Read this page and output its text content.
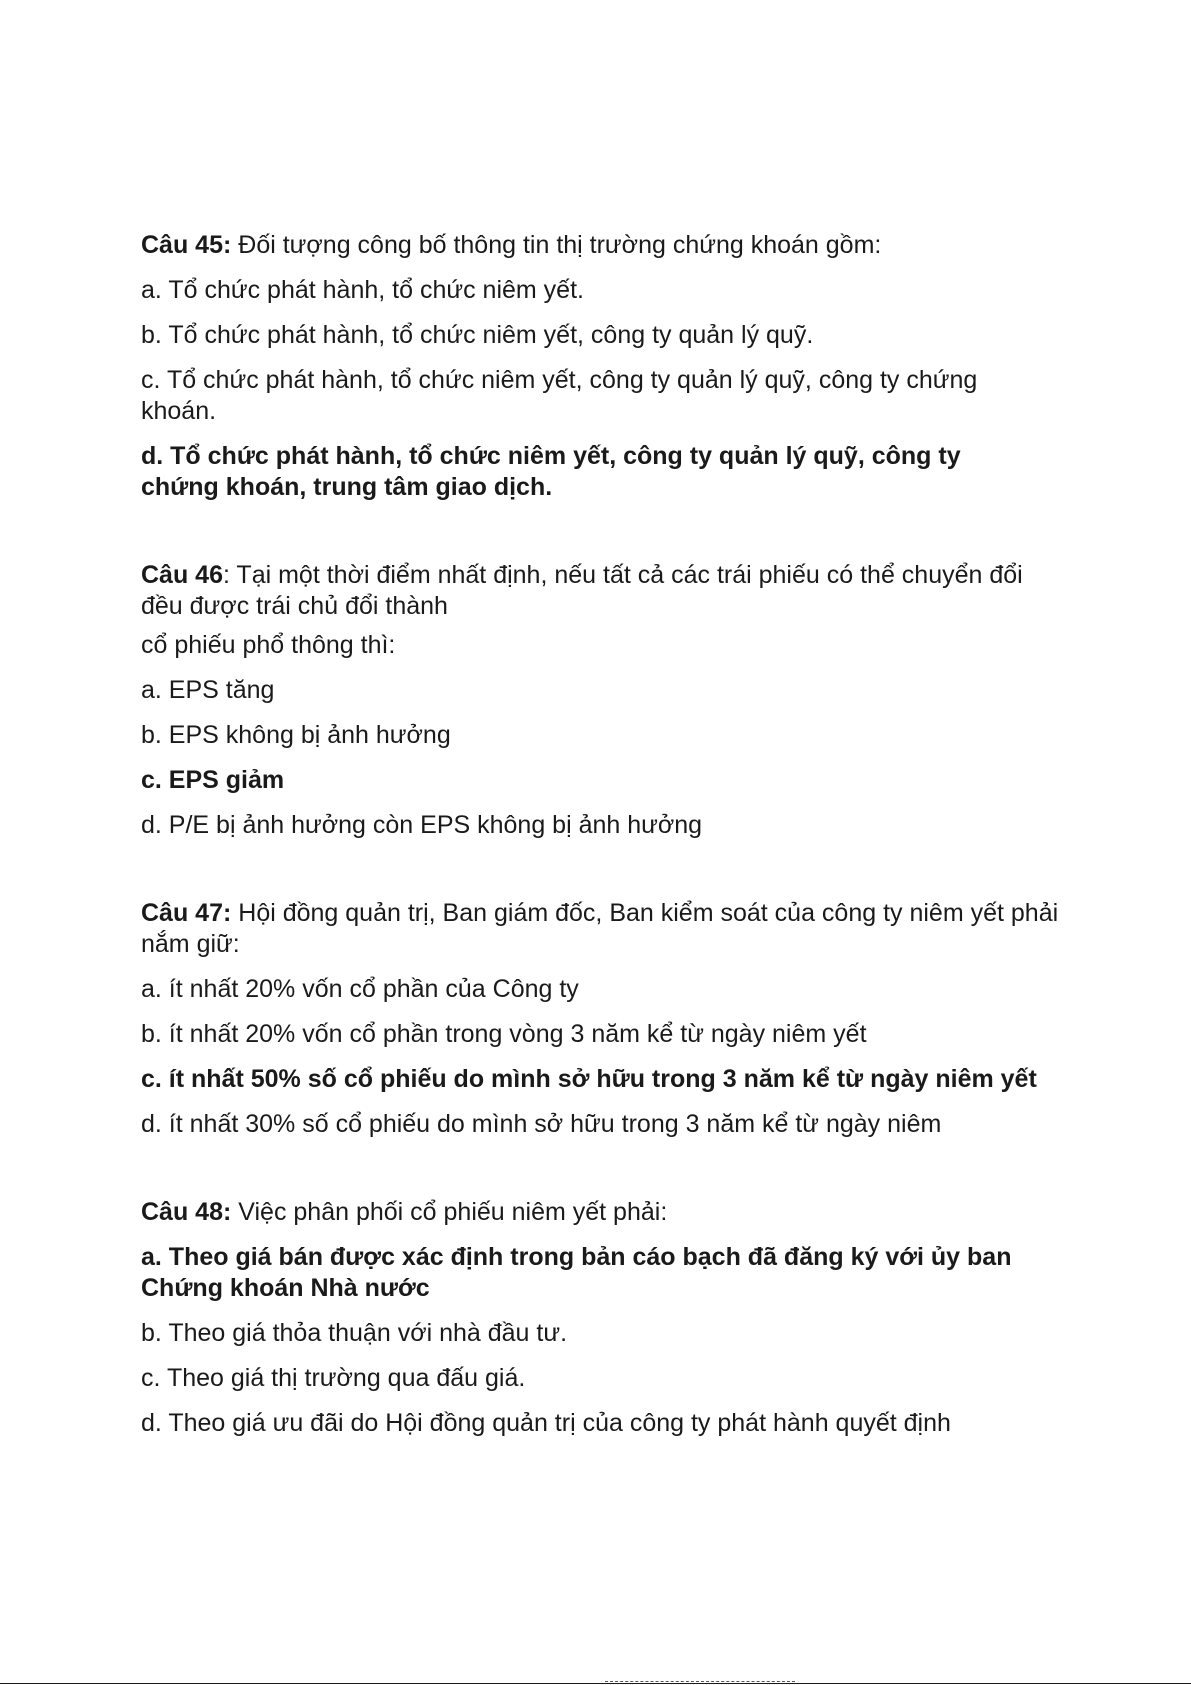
Câu 45: Đối tượng công bố thông tin thị trường chứng khoán gồm:
a. Tổ chức phát hành, tổ chức niêm yết.
b. Tổ chức phát hành, tổ chức niêm yết, công ty quản lý quỹ.
c. Tổ chức phát hành, tổ chức niêm yết, công ty quản lý quỹ, công ty chứng khoán.
d. Tổ chức phát hành, tổ chức niêm yết, công ty quản lý quỹ, công ty chứng khoán, trung tâm giao dịch.
Câu 46: Tại một thời điểm nhất định, nếu tất cả các trái phiếu có thể chuyển đổi đều được trái chủ đổi thành
cổ phiếu phổ thông thì:
a. EPS tăng
b. EPS không bị ảnh hưởng
c. EPS giảm
d. P/E bị ảnh hưởng còn EPS không bị ảnh hưởng
Câu 47: Hội đồng quản trị, Ban giám đốc, Ban kiểm soát của công ty niêm yết phải nắm giữ:
a. ít nhất 20% vốn cổ phần của Công ty
b. ít nhất 20% vốn cổ phần trong vòng 3 năm kể từ ngày niêm yết
c. ít nhất 50% số cổ phiếu do mình sở hữu trong 3 năm kể từ ngày niêm yết
d. ít nhất 30% số cổ phiếu do mình sở hữu trong 3 năm kể từ ngày niêm
Câu 48: Việc phân phối cổ phiếu niêm yết phải:
a. Theo giá bán được xác định trong bản cáo bạch đã đăng ký với ủy ban Chứng khoán Nhà nước
b. Theo giá thỏa thuận với nhà đầu tư.
c. Theo giá thị trường qua đấu giá.
d. Theo giá ưu đãi do Hội đồng quản trị của công ty phát hành quyết định
